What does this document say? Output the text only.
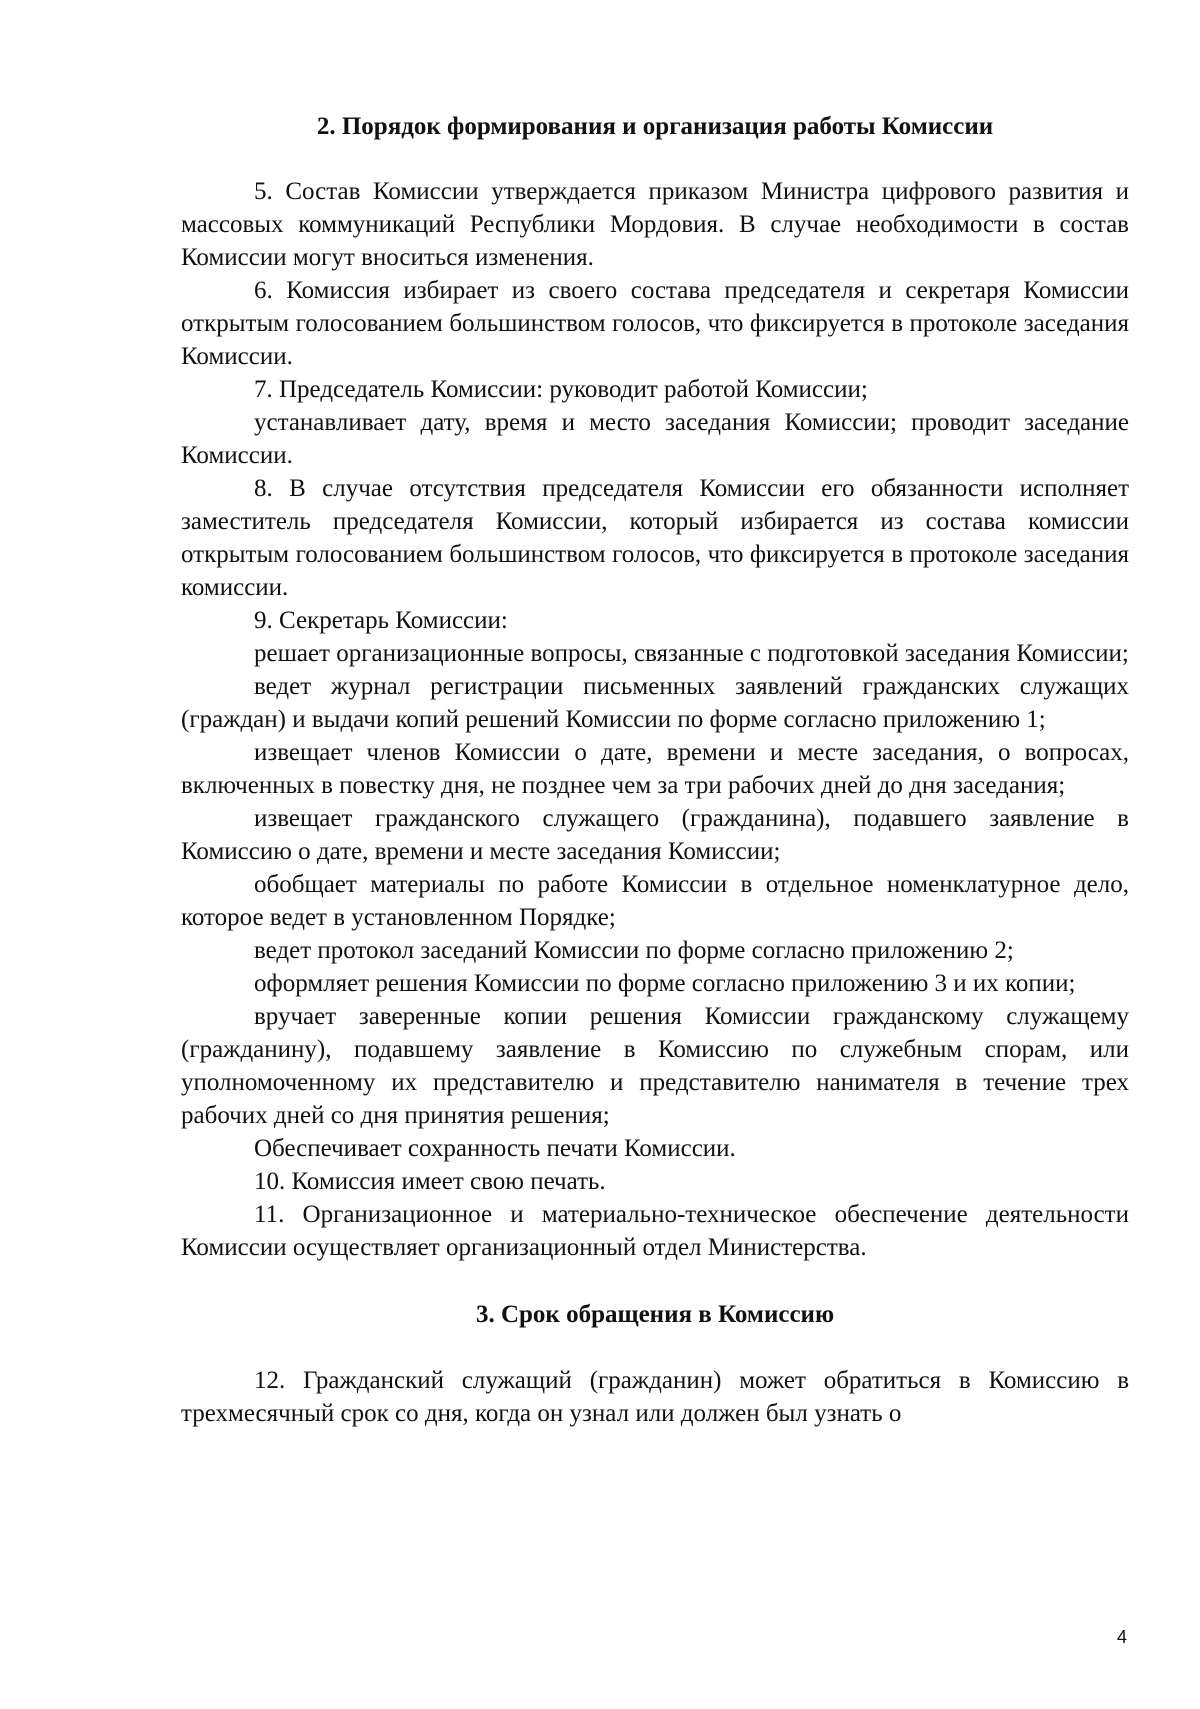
2. Порядок формирования и организация работы Комиссии

5. Состав Комиссии утверждается приказом Министра цифрового развития и массовых коммуникаций Республики Мордовия. В случае необходимости в состав Комиссии могут вноситься изменения.

6. Комиссия избирает из своего состава председателя и секретаря Комиссии открытым голосованием большинством голосов, что фиксируется в протоколе заседания Комиссии.

7. Председатель Комиссии: руководит работой Комиссии;

устанавливает дату, время и место заседания Комиссии; проводит заседание Комиссии.

8. В случае отсутствия председателя Комиссии его обязанности исполняет заместитель председателя Комиссии, который избирается из состава комиссии открытым голосованием большинством голосов, что фиксируется в протоколе заседания комиссии.

9. Секретарь Комиссии:

решает организационные вопросы, связанные с подготовкой заседания Комиссии;

ведет журнал регистрации письменных заявлений гражданских служащих (граждан) и выдачи копий решений Комиссии по форме согласно приложению 1;

извещает членов Комиссии о дате, времени и месте заседания, о вопросах, включенных в повестку дня, не позднее чем за три рабочих дней до дня заседания;

извещает гражданского служащего (гражданина), подавшего заявление в Комиссию о дате, времени и месте заседания Комиссии;

обобщает материалы по работе Комиссии в отдельное номенклатурное дело, которое ведет в установленном Порядке;

ведет протокол заседаний Комиссии по форме согласно приложению 2;

оформляет решения Комиссии по форме согласно приложению 3 и их копии;

вручает заверенные копии решения Комиссии гражданскому служащему (гражданину), подавшему заявление в Комиссию по служебным спорам, или уполномоченному их представителю и представителю нанимателя в течение трех рабочих дней со дня принятия решения;

Обеспечивает сохранность печати Комиссии.

10. Комиссия имеет свою печать.

11. Организационное и материально-техническое обеспечение деятельности Комиссии осуществляет организационный отдел Министерства.

3. Срок обращения в Комиссию

12. Гражданский служащий (гражданин) может обратиться в Комиссию в трехмесячный срок со дня, когда он узнал или должен был узнать о

4
